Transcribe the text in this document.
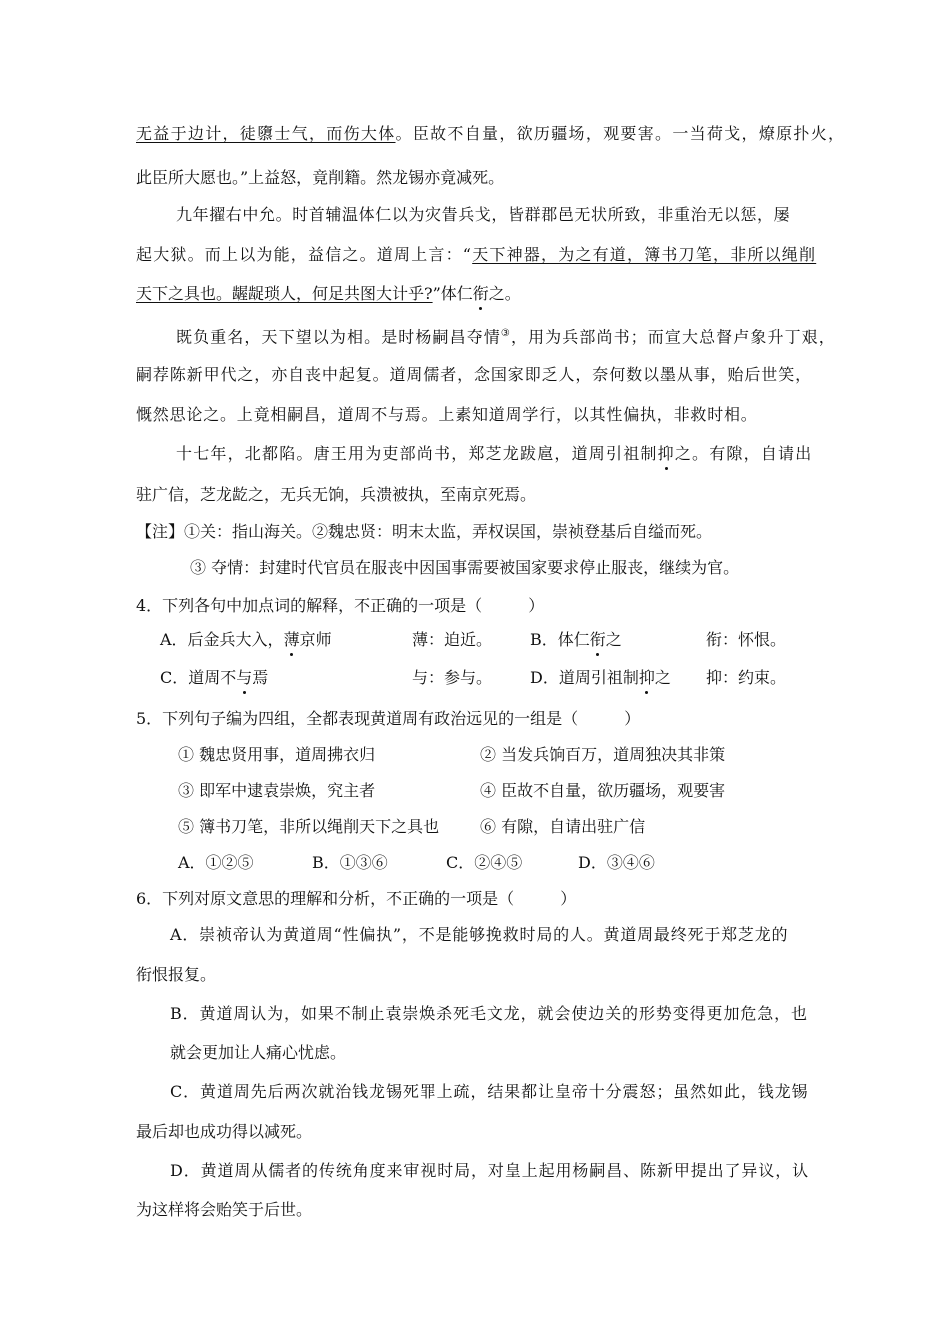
无益于边计，徒隳士气，而伤大体。臣故不自量，欲历疆场，观要害。一当荷戈，燎原扑火，
此臣所大愿也。”上益怒，竟削籍。然龙锡亦竟减死。
九年擢右中允。时首辅温体仁以为灾眚兵戈，皆群郡邑无状所致，非重治无以惩，屡
起大狱。而上以为能，益信之。道周上言：“天下神器，为之有道，簿书刀笔，非所以绳削
天下之具也。龌龊琐人，何足共图大计乎?”体仁衔之。
既负重名，天下望以为相。是时杨嗣昌夺情③，用为兵部尚书；而宣大总督卢象升丁艰，
嗣荐陈新甲代之，亦自丧中起复。道周儒者，念国家即乏人，奈何数以墨从事，贻后世笑，
慨然思论之。上竟相嗣昌，道周不与焉。上素知道周学行，以其性偏执，非救时相。
十七年，北都陷。唐王用为吏部尚书，郑芝龙跋扈，道周引祖制抑之。有隙，自请出
驻广信，芝龙龁之，无兵无饷，兵溃被执，至南京死焉。
【注】①关：指山海关。②魏忠贤：明末太监，弄权误国，崇祯登基后自缢而死。
③ 夺情：封建时代官员在服丧中因国事需要被国家要求停止服丧，继续为官。
4．下列各句中加点词的解释，不正确的一项是（	）
A．后金兵大入，薄京师	薄：迫近。 B．体仁衔之	衔：怀恨。
C．道周不与焉	与：参与。 D．道周引祖制抑之 抑：约束。
5．下列句子编为四组，全都表现黄道周有政治远见的一组是（	）
① 魏忠贤用事，道周拂衣归	② 当发兵饷百万，道周独决其非策
③ 即军中逮袁崇焕，究主者	④ 臣故不自量，欲历疆场，观要害
⑤ 簿书刀笔，非所以绳削天下之具也	⑥ 有隙，自请出驻广信
A．①②⑤	B．①③⑥	C．②④⑤	D．③④⑥
6．下列对原文意思的理解和分析，不正确的一项是（	）
A．崇祯帝认为黄道周“性偏执”，不是能够挽救时局的人。黄道周最终死于郑芝龙的
衔恨报复。
B．黄道周认为，如果不制止袁崇焕杀死毛文龙，就会使边关的形势变得更加危急，也
就会更加让人痛心忧虑。
C．黄道周先后两次就治钱龙锡死罪上疏，结果都让皇帝十分震怒；虽然如此，钱龙锡
最后却也成功得以减死。
D．黄道周从儒者的传统角度来审视时局，对皇上起用杨嗣昌、陈新甲提出了异议，认
为这样将会贻笑于后世。
